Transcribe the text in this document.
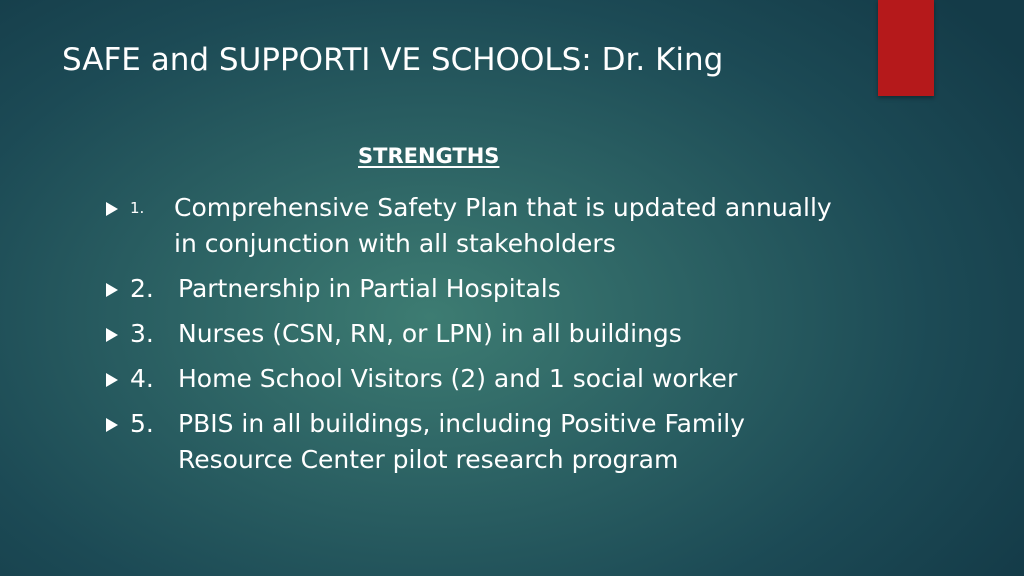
SAFE and SUPPORTI VE SCHOOLS: Dr. King
STRENGTHS
1. Comprehensive Safety Plan that is updated annually in conjunction with all stakeholders
2. Partnership in Partial Hospitals
3. Nurses (CSN, RN, or LPN) in all buildings
4. Home School Visitors (2) and 1 social worker
5. PBIS in all buildings, including Positive Family Resource Center pilot research program
